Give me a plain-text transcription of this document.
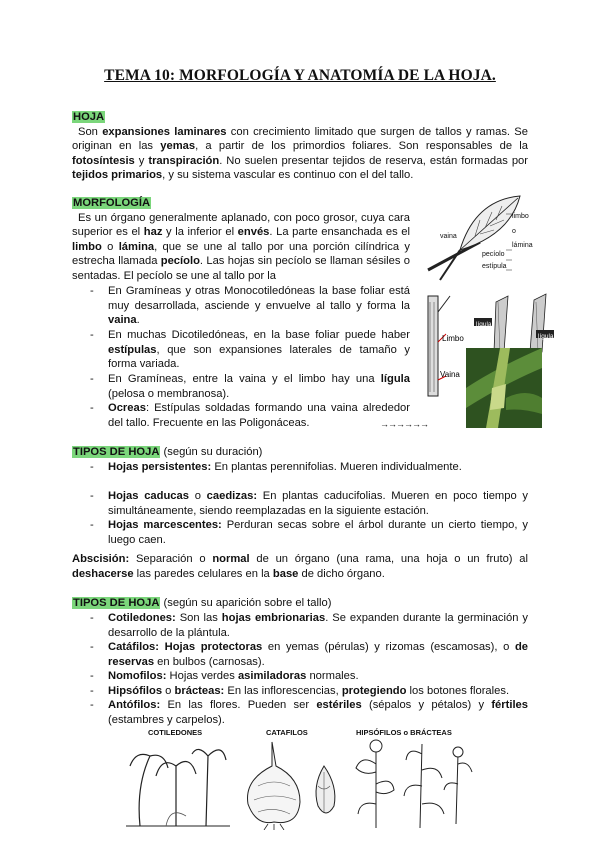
TEMA 10: MORFOLOGÍA Y ANATOMÍA DE LA HOJA.
HOJA
Son expansiones laminares con crecimiento limitado que surgen de tallos y ramas. Se originan en las yemas, a partir de los primordios foliares. Son responsables de la fotosíntesis y transpiración. No suelen presentar tejidos de reserva, están formadas por tejidos primarios, y su sistema vascular es continuo con el del tallo.
MORFOLOGÍA
Es un órgano generalmente aplanado, con poco grosor, cuya cara superior es el haz y la inferior el envés. La parte ensanchada es el limbo o lámina, que se une al tallo por una porción cilíndrica y estrecha llamada pecíolo. Las hojas sin pecíolo se llaman sésiles o sentadas. El pecíolo se une al tallo por la
-	En Gramíneas y otras Monocotiledóneas la base foliar está muy desarrollada, asciende y envuelve al tallo y forma la vaina.
-	En muchas Dicotiledóneas, en la base foliar puede haber estípulas, que son expansiones laterales de tamaño y forma variada.
-	En Gramíneas, entre la vaina y el limbo hay una lígula (pelosa o membranosa).
-	Ocreas: Estípulas soldadas formando una vaina alrededor del tallo. Frecuente en las Poligonáceas.	→→→→→→
limbo o lámina
vaina
pecíolo
estípula
Limbo
Vaina
lígula
lígula
TIPOS DE HOJA (según su duración)
-	Hojas persistentes: En plantas perennifolias. Mueren individualmente.
-	Hojas caducas o caedizas: En plantas caducifolias. Mueren en poco tiempo y simultáneamente, siendo reemplazadas en la siguiente estación.
-	Hojas marcescentes: Perduran secas sobre el árbol durante un cierto tiempo, y luego caen.
Abscisión: Separación o normal de un órgano (una rama, una hoja o un fruto) al deshacerse las paredes celulares en la base de dicho órgano.
TIPOS DE HOJA (según su aparición sobre el tallo)
-	Cotiledones: Son las hojas embrionarias. Se expanden durante la germinación y desarrollo de la plántula.
-	Catáfilos: Hojas protectoras en yemas (pérulas) y rizomas (escamosas), o de reservas en bulbos (carnosas).
-	Nomofilos: Hojas verdes asimiladoras normales.
-	Hipsófilos o brácteas: En las inflorescencias, protegiendo los botones florales.
-	Antófilos: En las flores. Pueden ser estériles (sépalos y pétalos) y fértiles (estambres y carpelos).
COTILEDONES	CATAFILOS	HIPSÓFILOS o BRÁCTEAS
